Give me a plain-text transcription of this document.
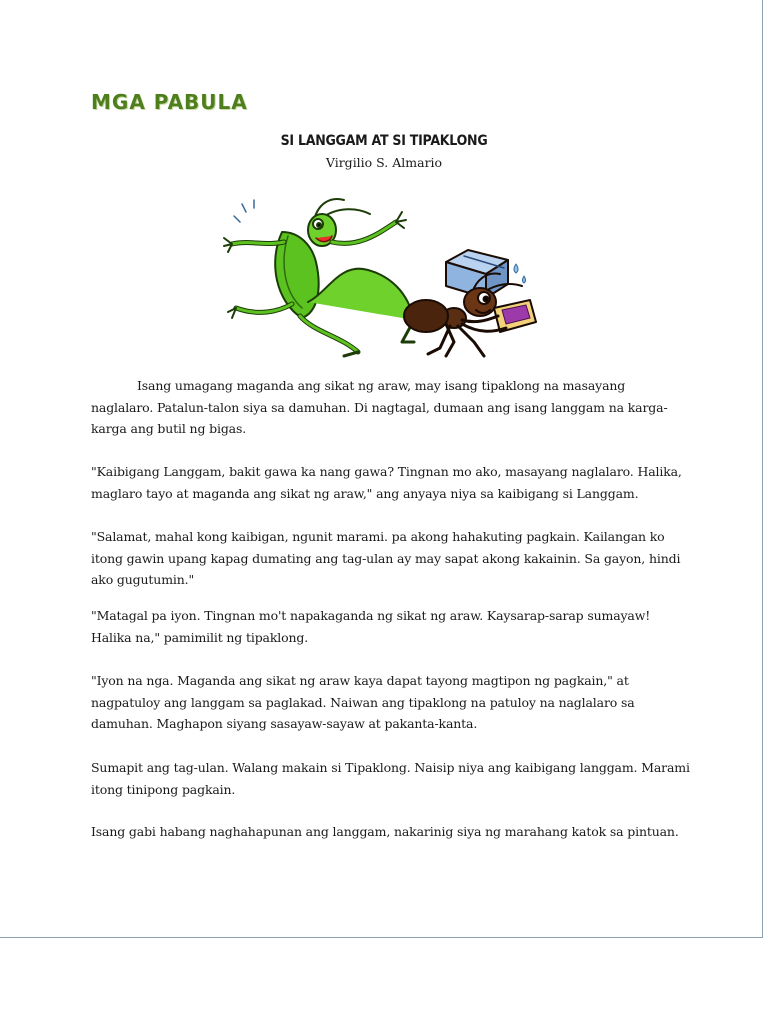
MGA PABULA
SI LANGGAM AT SI TIPAKLONG
Virgilio S. Almario

Isang umagang maganda ang sikat ng araw, may isang tipaklong na masayang naglalaro. Patalun-talon siya sa damuhan. Di nagtagal, dumaan ang isang langgam na karga-karga ang butil ng bigas.

"Kaibigang Langgam, bakit gawa ka nang gawa? Tingnan mo ako, masayang naglalaro. Halika, maglaro tayo at maganda ang sikat ng araw," ang anyaya niya sa kaibigang si Langgam.

"Salamat, mahal kong kaibigan, ngunit marami. pa akong hahakuting pagkain. Kailangan ko itong gawin upang kapag dumating ang tag-ulan ay may sapat akong kakainin. Sa gayon, hindi ako gugutumin."

"Matagal pa iyon. Tingnan mo't napakaganda ng sikat ng araw. Kaysarap-sarap sumayaw! Halika na," pamimilit ng tipaklong.

"Iyon na nga. Maganda ang sikat ng araw kaya dapat tayong magtipon ng pagkain," at nagpatuloy ang langgam sa paglakad. Naiwan ang tipaklong na patuloy na naglalaro sa damuhan. Maghapon siyang sasayaw-sayaw at pakanta-kanta.

Sumapit ang tag-ulan. Walang makain si Tipaklong. Naisip niya ang kaibigang langgam. Marami itong tinipong pagkain.

Isang gabi habang naghahapunan ang langgam, nakarinig siya ng marahang katok sa pintuan.
